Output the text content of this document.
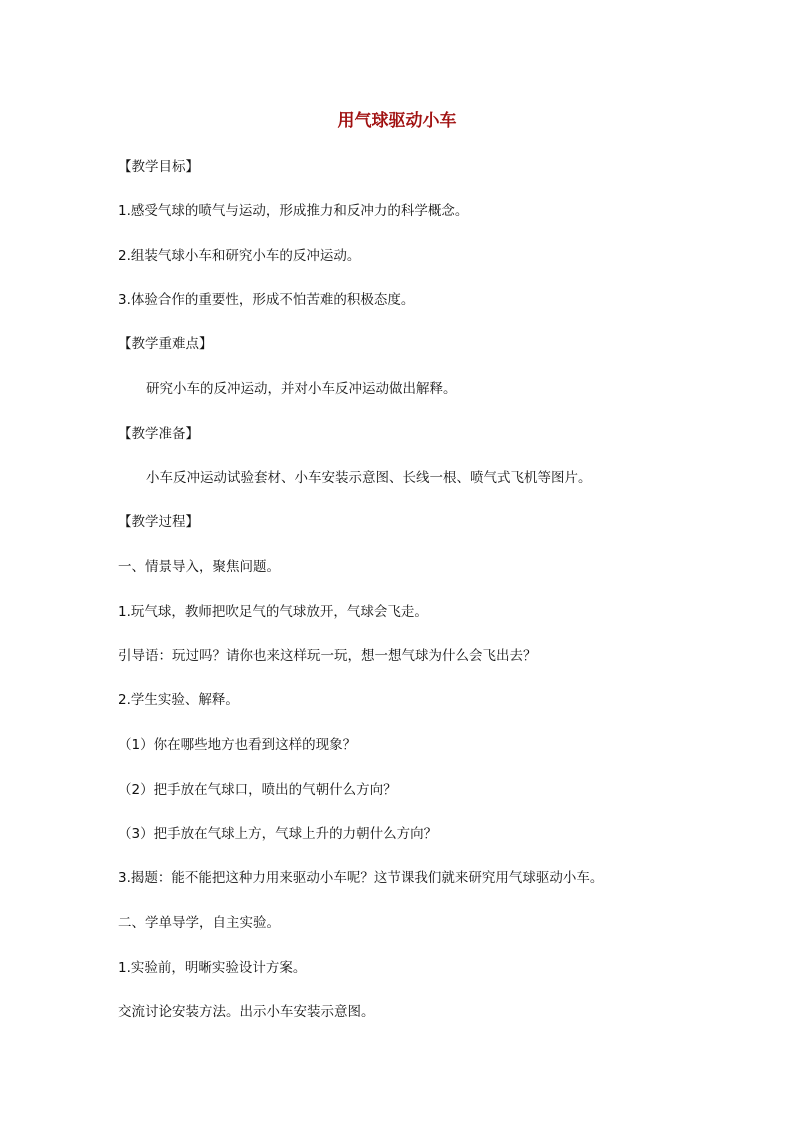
用气球驱动小车
【教学目标】
1.感受气球的喷气与运动，形成推力和反冲力的科学概念。
2.组装气球小车和研究小车的反冲运动。
3.体验合作的重要性，形成不怕苦难的积极态度。
【教学重难点】
研究小车的反冲运动，并对小车反冲运动做出解释。
【教学准备】
小车反冲运动试验套材、小车安装示意图、长线一根、喷气式飞机等图片。
【教学过程】
一、情景导入，聚焦问题。
1.玩气球，教师把吹足气的气球放开，气球会飞走。
引导语：玩过吗？请你也来这样玩一玩，想一想气球为什么会飞出去？
2.学生实验、解释。
（1）你在哪些地方也看到这样的现象？
（2）把手放在气球口，喷出的气朝什么方向？
（3）把手放在气球上方，气球上升的力朝什么方向？
3.揭题：能不能把这种力用来驱动小车呢？这节课我们就来研究用气球驱动小车。
二、学单导学，自主实验。
1.实验前，明晰实验设计方案。
交流讨论安装方法。出示小车安装示意图。
